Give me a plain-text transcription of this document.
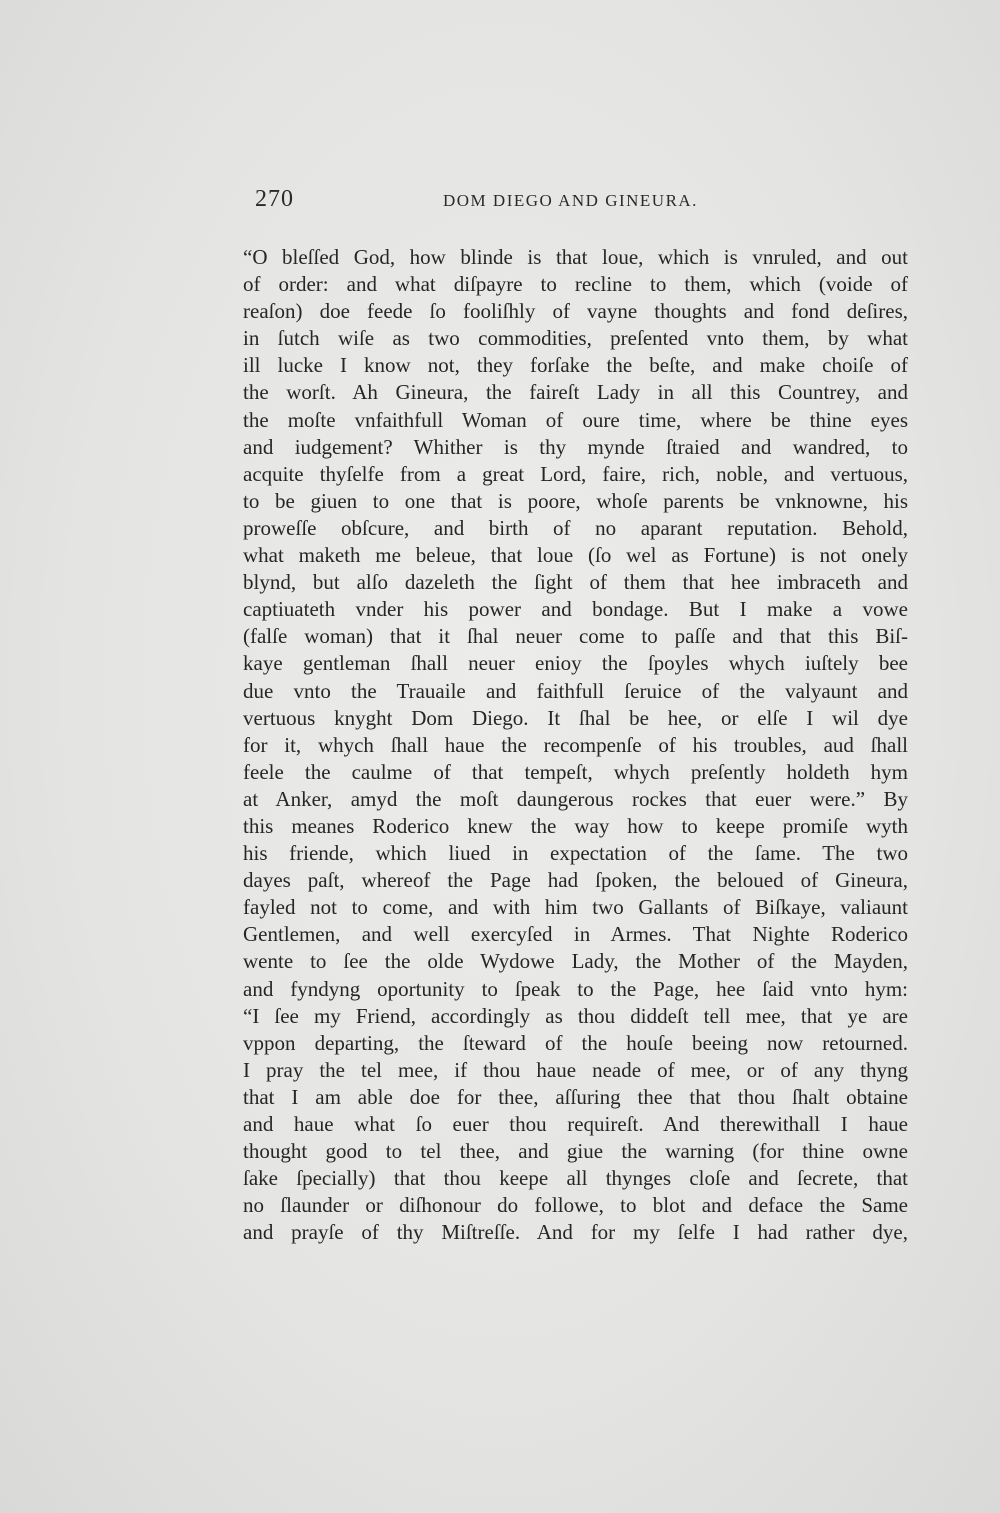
270	DOM DIEGO AND GINEURA.
“O bleſſed God, how blinde is that loue, which is vnruled, and out
of order: and what diſpayre to recline to them, which (voide of
reaſon) doe feede ſo fooliſhly of vayne thoughts and fond deſires,
in ſutch wiſe as two commodities, preſented vnto them, by what
ill lucke I know not, they forſake the beſte, and make choiſe of
the worſt. Ah Gineura, the faireſt Lady in all this Countrey, and
the moſte vnfaithfull Woman of oure time, where be thine eyes
and iudgement? Whither is thy mynde ſtraied and wandred, to
acquite thyſelfe from a great Lord, faire, rich, noble, and vertuous,
to be giuen to one that is poore, whoſe parents be vnknowne, his
proweſſe obſcure, and birth of no aparant reputation. Behold,
what maketh me beleue, that loue (ſo wel as Fortune) is not onely
blynd, but alſo dazeleth the ſight of them that hee imbraceth and
captiuateth vnder his power and bondage. But I make a vowe
(falſe woman) that it ſhal neuer come to paſſe and that this Biſ-
kaye gentleman ſhall neuer enioy the ſpoyles whych iuſtely bee
due vnto the Trauaile and faithfull ſeruice of the valyaunt and
vertuous knyght Dom Diego. It ſhal be hee, or elſe I wil dye
for it, whych ſhall haue the recompenſe of his troubles, aud ſhall
feele the caulme of that tempeſt, whych preſently holdeth hym
at Anker, amyd the moſt daungerous rockes that euer were.” By
this meanes Roderico knew the way how to keepe promiſe wyth
his friende, which liued in expectation of the ſame. The two
dayes paſt, whereof the Page had ſpoken, the beloued of Gineura,
fayled not to come, and with him two Gallants of Biſkaye, valiaunt
Gentlemen, and well exercyſed in Armes. That Nighte Roderico
wente to ſee the olde Wydowe Lady, the Mother of the Mayden,
and fyndyng oportunity to ſpeak to the Page, hee ſaid vnto hym:
“I ſee my Friend, accordingly as thou diddeſt tell mee, that ye are
vppon departing, the ſteward of the houſe beeing now retourned.
I pray the tel mee, if thou haue neade of mee, or of any thyng
that I am able doe for thee, aſſuring thee that thou ſhalt obtaine
and haue what ſo euer thou requireſt. And therewithall I haue
thought good to tel thee, and giue the warning (for thine owne
ſake ſpecially) that thou keepe all thynges cloſe and ſecrete, that
no ſlaunder or diſhonour do followe, to blot and deface the Same
and prayſe of thy Miſtreſſe. And for my ſelfe I had rather dye,
